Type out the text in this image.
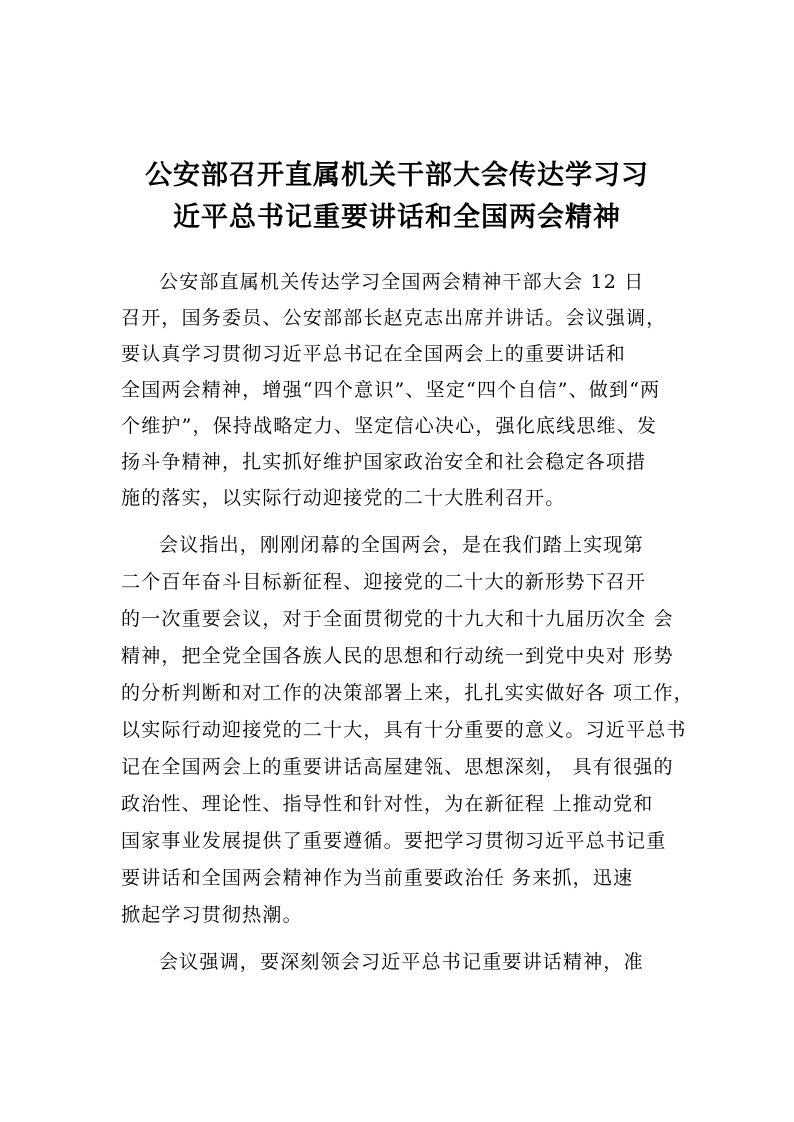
公安部召开直属机关干部大会传达学习习
近平总书记重要讲话和全国两会精神
公安部直属机关传达学习全国两会精神干部大会 12 日
召开，国务委员、公安部部长赵克志出席并讲话。会议强调，
要认真学习贯彻习近平总书记在全国两会上的重要讲话和
全国两会精神，增强“四个意识”、坚定“四个自信”、做到“两
个维护”，保持战略定力、坚定信心决心，强化底线思维、发
扬斗争精神，扎实抓好维护国家政治安全和社会稳定各项措
施的落实，以实际行动迎接党的二十大胜利召开。
会议指出，刚刚闭幕的全国两会，是在我们踏上实现第
二个百年奋斗目标新征程、迎接党的二十大的新形势下召开
的一次重要会议，对于全面贯彻党的十九大和十九届历次全 会
精神，把全党全国各族人民的思想和行动统一到党中央对 形势
的分析判断和对工作的决策部署上来，扎扎实实做好各 项工作，
以实际行动迎接党的二十大，具有十分重要的意义。习近平总书
记在全国两会上的重要讲话高屋建瓴、思想深刻， 具有很强的
政治性、理论性、指导性和针对性，为在新征程 上推动党和
国家事业发展提供了重要遵循。要把学习贯彻习近平总书记重
要讲话和全国两会精神作为当前重要政治任 务来抓，迅速
掀起学习贯彻热潮。
会议强调，要深刻领会习近平总书记重要讲话精神，准
